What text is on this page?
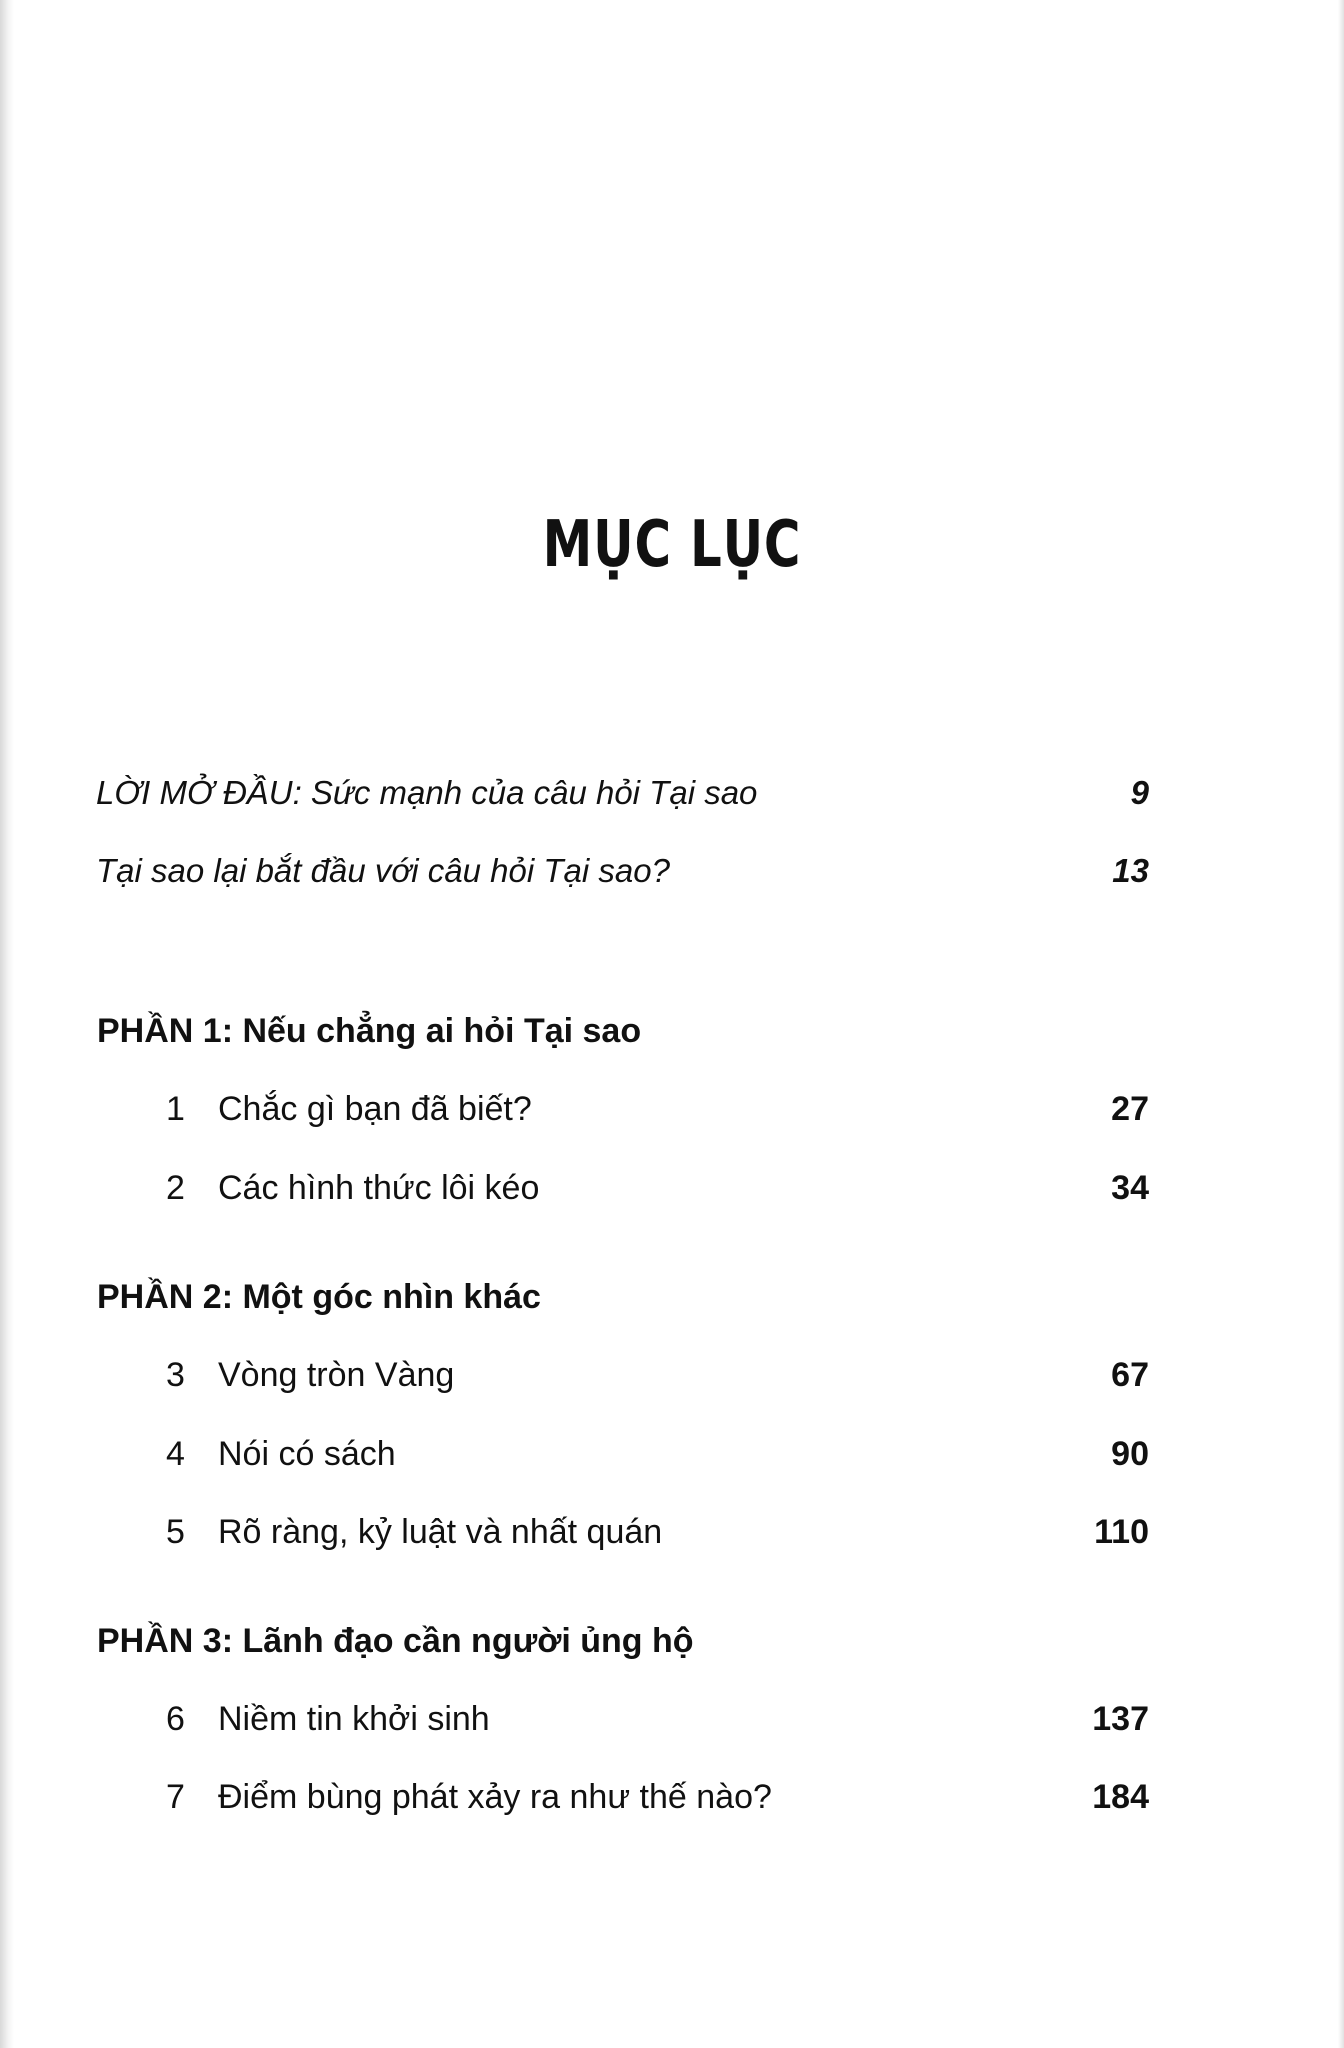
MỤC LỤC
LỜI MỞ ĐẦU: Sức mạnh của câu hỏi Tại sao	9
Tại sao lại bắt đầu với câu hỏi Tại sao?	13
PHẦN 1: Nếu chẳng ai hỏi Tại sao
1 Chắc gì bạn đã biết?	27
2 Các hình thức lôi kéo	34
PHẦN 2: Một góc nhìn khác
3 Vòng tròn Vàng	67
4 Nói có sách	90
5 Rõ ràng, kỷ luật và nhất quán	110
PHẦN 3: Lãnh đạo cần người ủng hộ
6 Niềm tin khởi sinh	137
7 Điểm bùng phát xảy ra như thế nào?	184
